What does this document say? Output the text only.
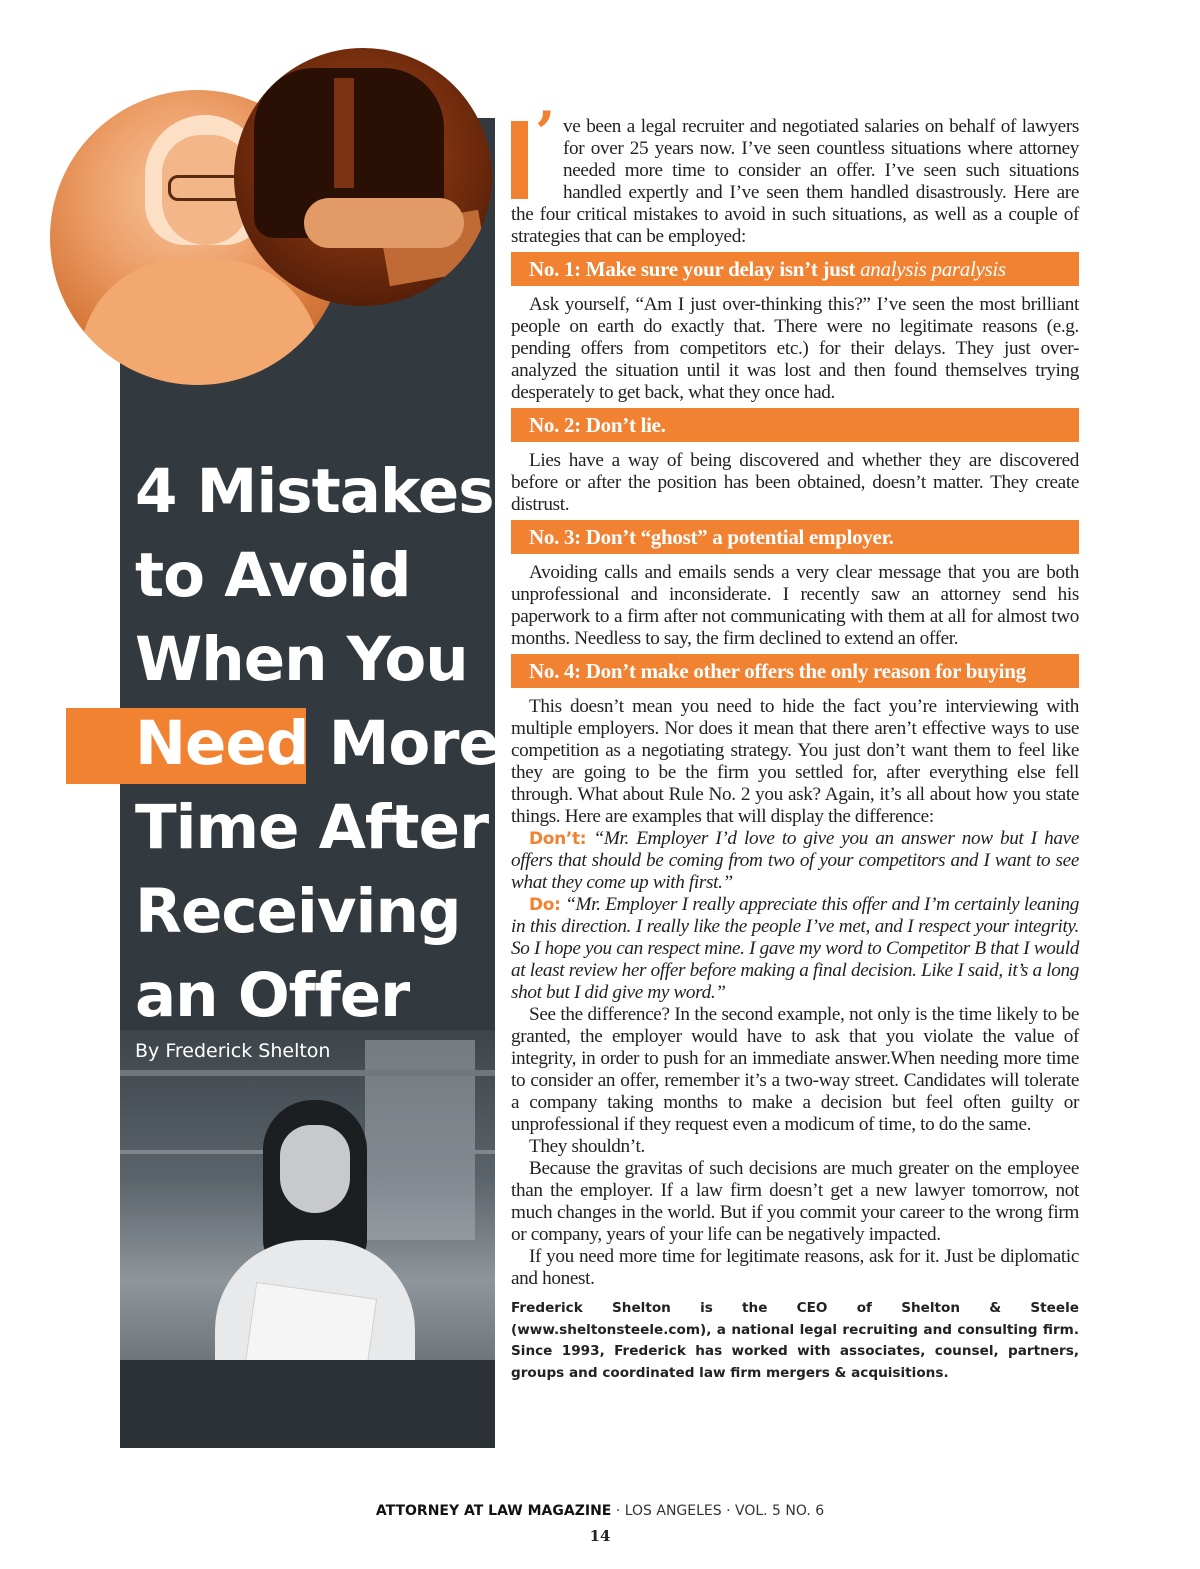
4 Mistakes
to Avoid
When You
Need More
Time After
Receiving
an Offer
By Frederick Shelton
’ ve been a legal recruiter and negotiated salaries on behalf of lawyers for over 25 years now. I’ve seen countless situations where attorney needed more time to consider an offer. I’ve seen such situations handled expertly and I’ve seen them handled disastrously. Here are the four critical mistakes to avoid in such situations, as well as a couple of strategies that can be employed:

No. 1: Make sure your delay isn’t just analysis paralysis

Ask yourself, “Am I just over-thinking this?” I’ve seen the most brilliant people on earth do exactly that. There were no legitimate reasons (e.g. pending offers from competitors etc.) for their delays. They just over-analyzed the situation until it was lost and then found themselves trying desperately to get back, what they once had.

No. 2: Don’t lie.

Lies have a way of being discovered and whether they are discovered before or after the position has been obtained, doesn’t matter. They create distrust.

No. 3: Don’t “ghost” a potential employer.

Avoiding calls and emails sends a very clear message that you are both unprofessional and inconsiderate. I recently saw an attorney send his paperwork to a firm after not communicating with them at all for almost two months. Needless to say, the firm declined to extend an offer.

No. 4: Don’t make other offers the only reason for buying

This doesn’t mean you need to hide the fact you’re interviewing with multiple employers. Nor does it mean that there aren’t effective ways to use competition as a negotiating strategy. You just don’t want them to feel like they are going to be the firm you settled for, after everything else fell through. What about Rule No. 2 you ask? Again, it’s all about how you state things. Here are examples that will display the difference:

Don’t: “Mr. Employer I’d love to give you an answer now but I have offers that should be coming from two of your competitors and I want to see what they come up with first.”

Do: “Mr. Employer I really appreciate this offer and I’m certainly leaning in this direction. I really like the people I’ve met, and I respect your integrity. So I hope you can respect mine. I gave my word to Competitor B that I would at least review her offer before making a final decision. Like I said, it’s a long shot but I did give my word.”

See the difference? In the second example, not only is the time likely to be granted, the employer would have to ask that you violate the value of integrity, in order to push for an immediate answer.When needing more time to consider an offer, remember it’s a two-way street. Candidates will tolerate a company taking months to make a decision but feel often guilty or unprofessional if they request even a modicum of time, to do the same.

They shouldn’t.

Because the gravitas of such decisions are much greater on the employee than the employer. If a law firm doesn’t get a new lawyer tomorrow, not much changes in the world. But if you commit your career to the wrong firm or company, years of your life can be negatively impacted.

If you need more time for legitimate reasons, ask for it. Just be diplomatic and honest.

Frederick Shelton is the CEO of Shelton & Steele (www.sheltonsteele.com), a national legal recruiting and consulting firm. Since 1993, Frederick has worked with associates, counsel, partners, groups and coordinated law firm mergers & acquisitions.
ATTORNEY AT LAW MAGAZINE · LOS ANGELES · VOL. 5 NO. 6
14
